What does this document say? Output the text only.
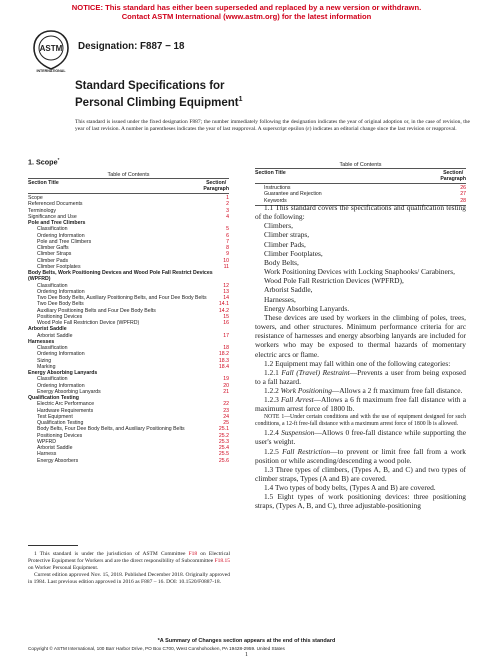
NOTICE: This standard has either been superseded and replaced by a new version or withdrawn.
Contact ASTM International (www.astm.org) for the latest information
ASTM
INTERNATIONAL
Designation: F887 − 18
Standard Specifications for
Personal Climbing Equipment$^1$
This standard is issued under the fixed designation F887; the number immediately following the designation indicates the year of original adoption or, in the case of revision, the year of last revision. A number in parentheses indicates the year of last reapproval. A superscript epsilon (ε) indicates an editorial change since the last revision or reapproval.
1. Scope*
Table of Contents
Section Title	Section/
Paragraph
Scope	1
Referenced Documents	2
Terminology	3
Significance and Use	4
Pole and Tree Climbers
Classification	5
Ordering Information	6
Pole and Tree Climbers	7
Climber Gaffs	8
Climber Straps	9
Climber Pads	10
Climber Footplates	11
Body Belts, Work Positioning Devices and Wood Pole Fall Restrict Devices (WPFRD)
Classification	12
Ordering Information	13
Two Dee Body Belts, Auxiliary Positioning Belts, and Four Dee Body Belts	14
Two Dee Body Belts	14.1
Auxiliary Positioning Belts and Four Dee Body Belts	14.2
Positioning Devices	15
Wood Pole Fall Restriction Device (WPFRD)	16
Arborist Saddle
Arborist Saddle	17
Harnesses
Classification	18
Ordering Information	18.2
Sizing	18.3
Marking	18.4
Energy Absorbing Lanyards
Classification	19
Ordering Information	20
Energy Absorbing Lanyards	21
Qualification Testing
Electric Arc Performance	22
Hardware Requirements	23
Test Equipment	24
Qualification Testing	25
Body Belts, Four Dee Body Belts, and Auxiliary Positioning Belts	25.1
Positioning Devices	25.2
WPFRD	25.3
Arborist Saddle	25.4
Harness	25.5
Energy Absorbers	25.6
Table of Contents
Section Title	Section/
Paragraph
Instructions	26
Guarantee and Rejection	27
Keywords	28

1.1 This standard covers the specifications and qualification testing of the following:

Climbers,

Climber straps,

Climber Pads,

Climber Footplates,

Body Belts,

Work Positioning Devices with Locking Snaphooks/ Carabiners,

Wood Pole Fall Restriction Devices (WPFRD),

Arborist Saddle,

Harnesses,

Energy Absorbing Lanyards.

These devices are used by workers in the climbing of poles, trees, towers, and other structures. Minimum performance criteria for arc resistance of harnesses and energy absorbing lanyards are included for workers who may be exposed to thermal hazards of momentary electric arcs or flame.

1.2 Equipment may fall within one of the following categories:

1.2.1 Fall (Travel) Restraint—Prevents a user from being exposed to a fall hazard.

1.2.2 Work Positioning—Allows a 2 ft maximum free fall distance.

1.2.3 Fall Arrest—Allows a 6 ft maximum free fall distance with a maximum arrest force of 1800 lb.

NOTE 1—Under certain conditions and with the use of equipment designed for such conditions, a 12-ft free-fall distance with a maximum arrest force of 1800 lb is allowed.

1.2.4 Suspension—Allows 0 free-fall distance while supporting the user's weight.

1.2.5 Fall Restriction—to prevent or limit free fall from a work position or while ascending/descending a wood pole.

1.3 Three types of climbers, (Types A, B, and C) and two types of climber straps, Types (A and B) are covered.

1.4 Two types of body belts, (Types A and B) are covered.

1.5 Eight types of work positioning devices: three positioning straps, (Types A, B, and C), three adjustable-positioning

1 This standard is under the jurisdiction of ASTM Committee F18 on Electrical Protective Equipment for Workers and are the direct responsibility of Subcommittee F18.15 on Worker Personal Equipment.

Current edition approved Nov. 15, 2018. Published December 2018. Originally approved in 1984. Last previous edition approved in 2016 as F887 – 16. DOI: 10.1520/F0887-18.

*A Summary of Changes section appears at the end of this standard
Copyright © ASTM International, 100 Barr Harbor Drive, PO Box C700, West Conshohocken, PA 19428-2959. United States
1
